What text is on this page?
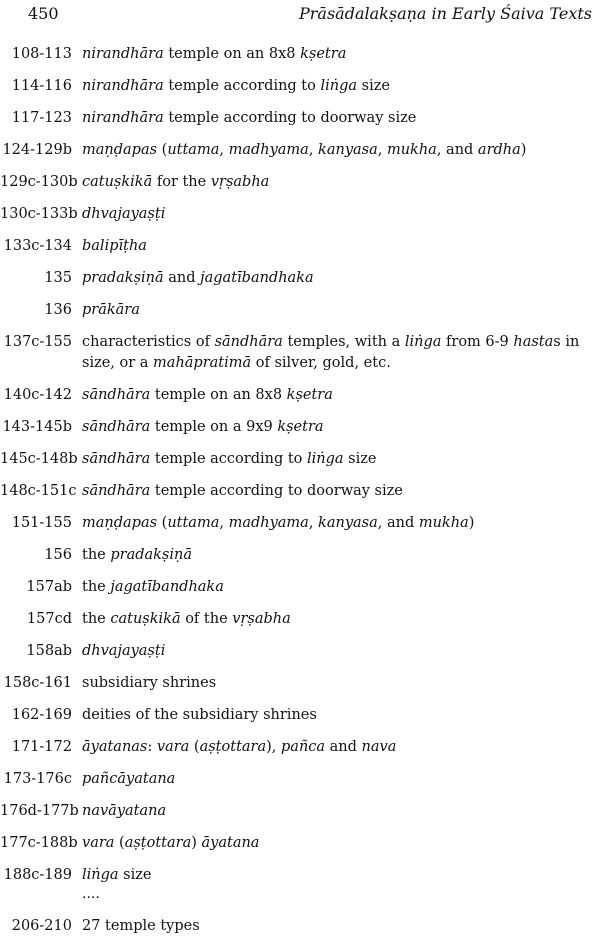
450	Prāsādalakṣaṇa in Early Śaiva Texts
108-113 nirandhāra temple on an 8x8 kṣetra
114-116 nirandhāra temple according to liṅga size
117-123 nirandhāra temple according to doorway size
124-129b maṇḍapas (uttama, madhyama, kanyasa, mukha, and ardha)
129c-130b catuṣkikā for the vṛṣabha
130c-133b dhvajayaṣṭi
133c-134 balipīṭha
135 pradakṣiṇā and jagatībandhaka
136 prākāra
137c-155 characteristics of sāndhāra temples, with a liṅga from 6-9 hastas in size, or a mahāpratimā of silver, gold, etc.
140c-142 sāndhāra temple on an 8x8 kṣetra
143-145b sāndhāra temple on a 9x9 kṣetra
145c-148b sāndhāra temple according to liṅga size
148c-151c sāndhāra temple according to doorway size
151-155 maṇḍapas (uttama, madhyama, kanyasa, and mukha)
156 the pradakṣiṇā
157ab the jagatībandhaka
157cd the catuṣkikā of the vṛṣabha
158ab dhvajayaṣṭi
158c-161 subsidiary shrines
162-169 deities of the subsidiary shrines
171-172 āyatanas: vara (aṣṭottara), pañca and nava
173-176c pañcāyatana
176d-177b navāyatana
177c-188b vara (aṣṭottara) āyatana
188c-189 liṅga size
....
206-210 27 temple types
